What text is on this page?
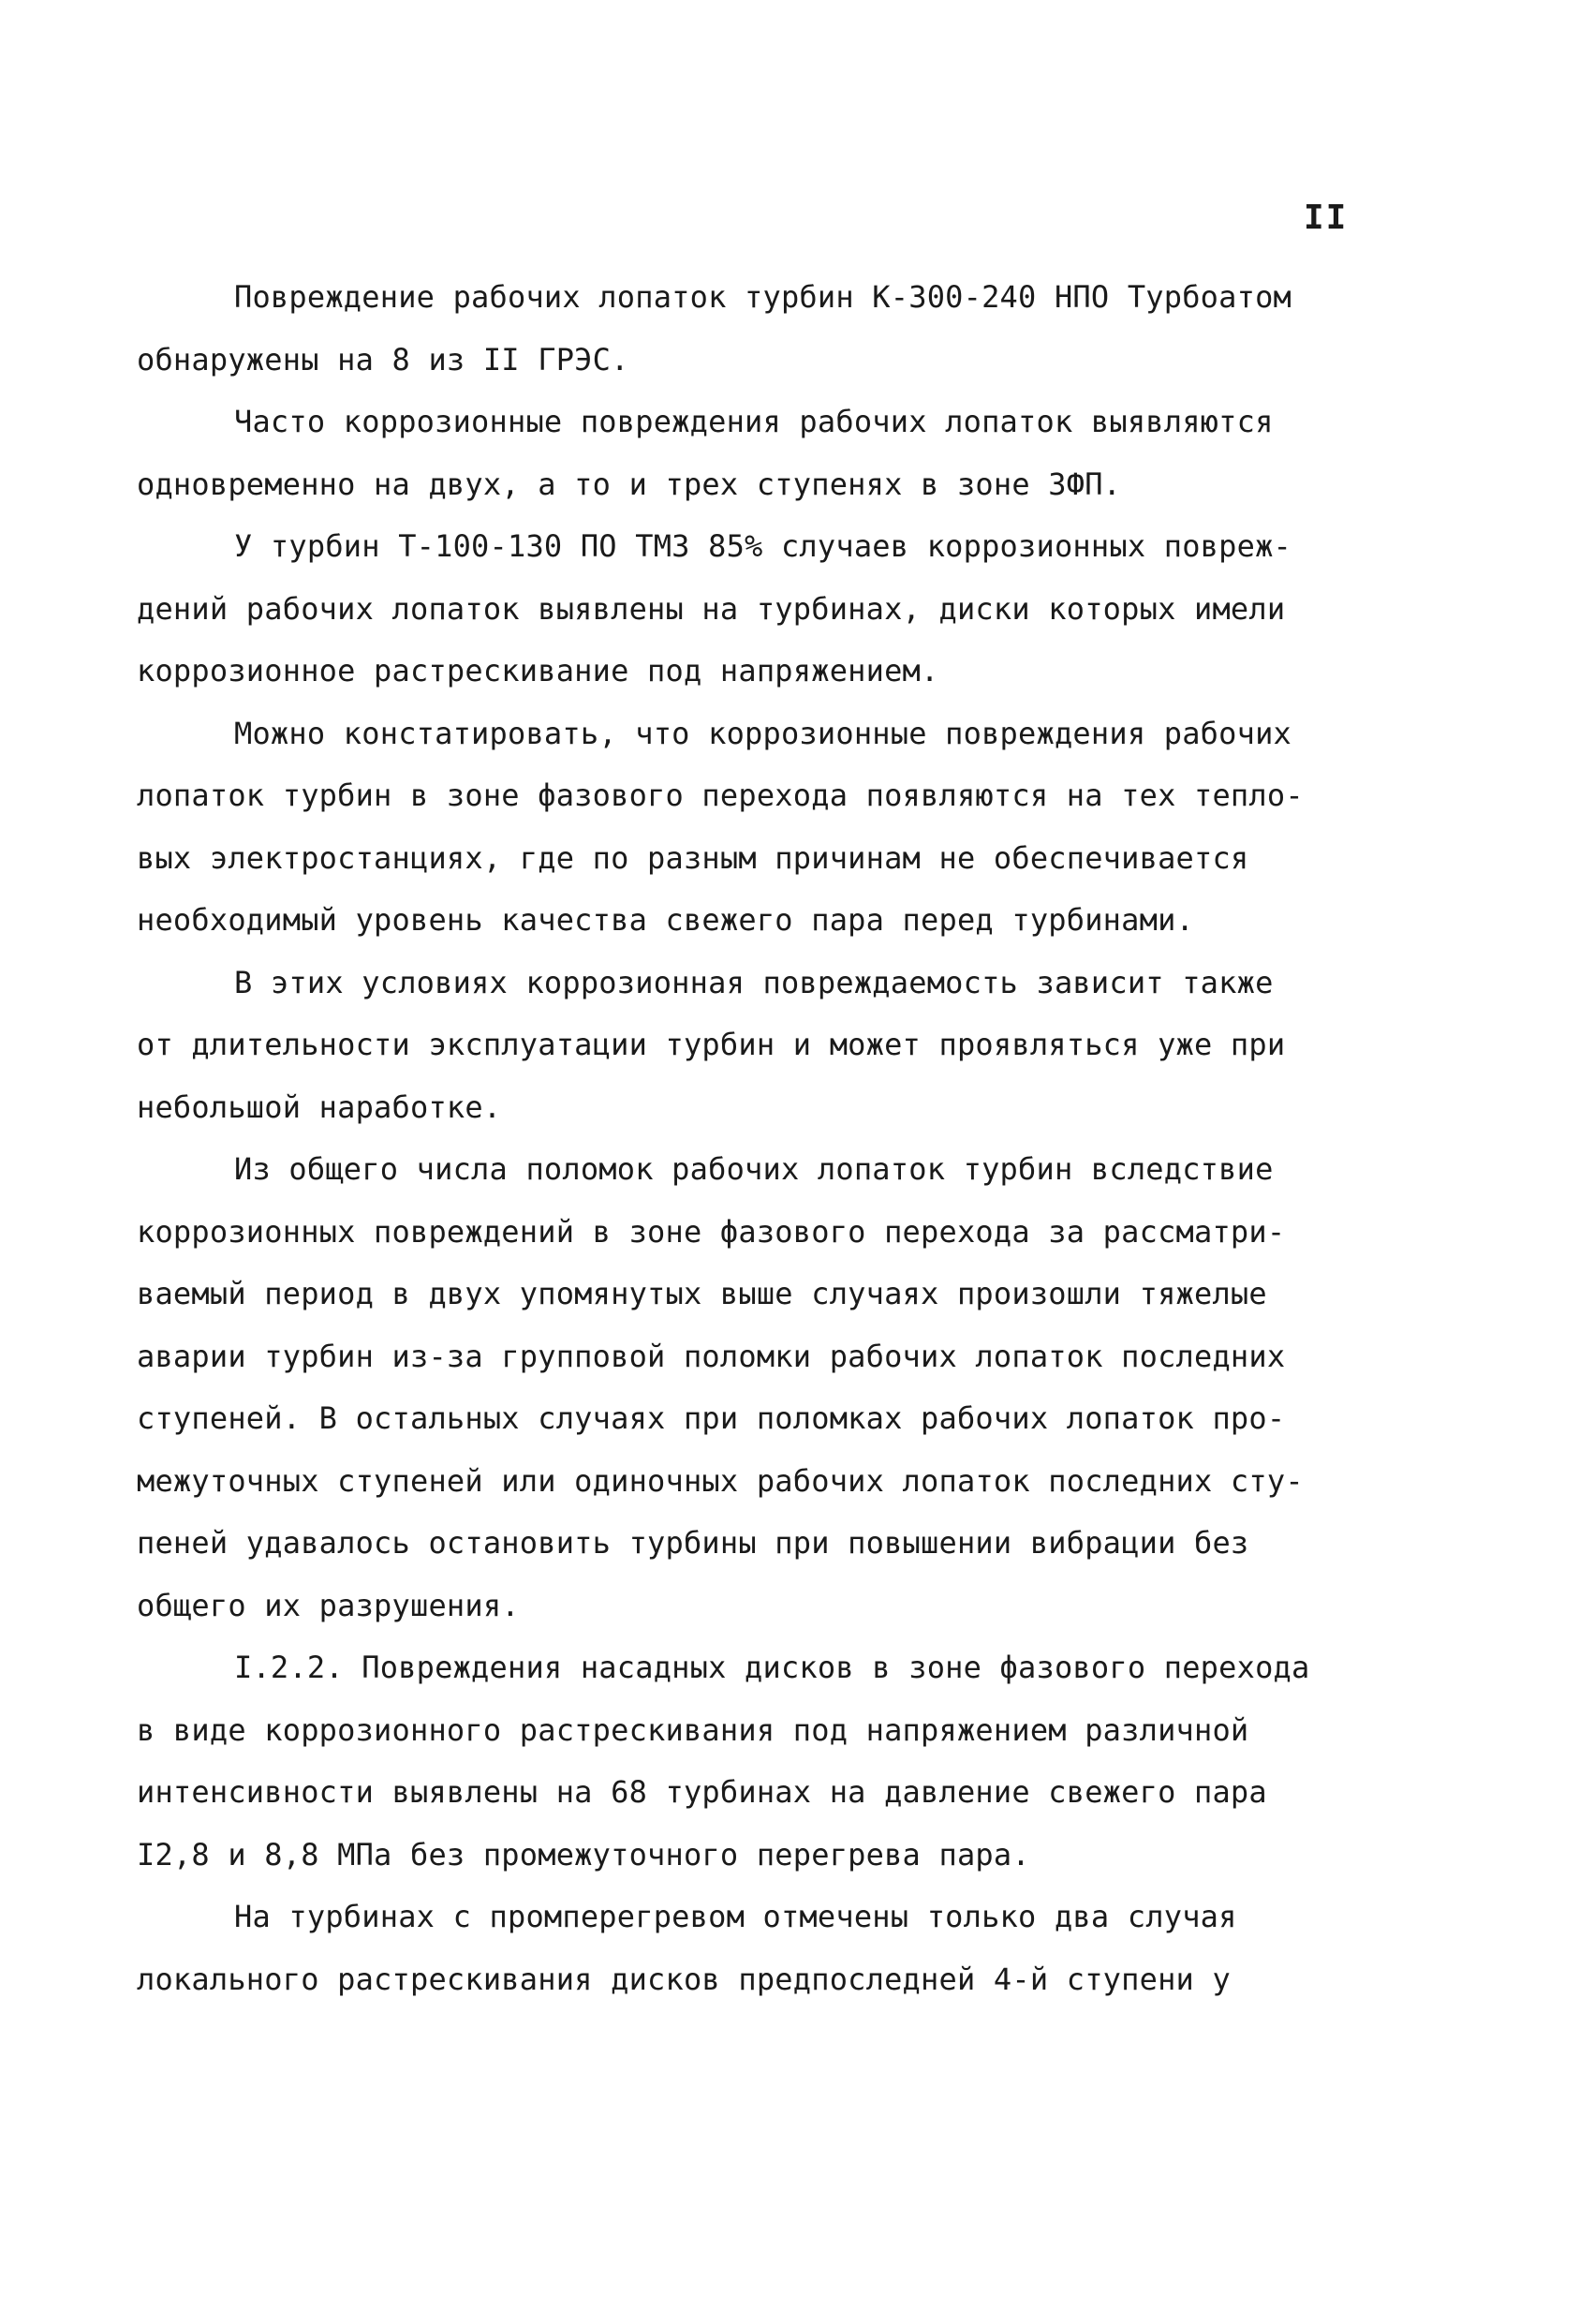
II
Повреждение рабочих лопаток турбин К-300-240 НПО Турбоатом
обнаружены на 8 из II ГРЭС.
Часто коррозионные повреждения рабочих лопаток выявляются
одновременно на двух, а то и трех ступенях в зоне ЗФП.
У турбин Т-100-130 ПО ТМЗ 85% случаев коррозионных повреж-
дений рабочих лопаток выявлены на турбинах, диски которых имели
коррозионное растрескивание под напряжением.
Можно констатировать, что коррозионные повреждения рабочих
лопаток турбин в зоне фазового перехода появляются на тех тепло-
вых электростанциях, где по разным причинам не обеспечивается
необходимый уровень качества свежего пара перед турбинами.
В этих условиях коррозионная повреждаемость зависит также
от длительности эксплуатации турбин и может проявляться уже при
небольшой наработке.
Из общего числа поломок рабочих лопаток турбин вследствие
коррозионных повреждений в зоне фазового перехода за рассматри-
ваемый период в двух упомянутых выше случаях произошли тяжелые
аварии турбин из-за групповой поломки рабочих лопаток последних
ступеней. В остальных случаях при поломках рабочих лопаток про-
межуточных ступеней или одиночных рабочих лопаток последних сту-
пеней удавалось остановить турбины при повышении вибрации без
общего их разрушения.
I.2.2. Повреждения насадных дисков в зоне фазового перехода
в виде коррозионного растрескивания под напряжением различной
интенсивности выявлены на 68 турбинах на давление свежего пара
I2,8 и 8,8 МПа без промежуточного перегрева пара.
На турбинах с промперегревом отмечены только два случая
локального растрескивания дисков предпоследней 4-й ступени у
